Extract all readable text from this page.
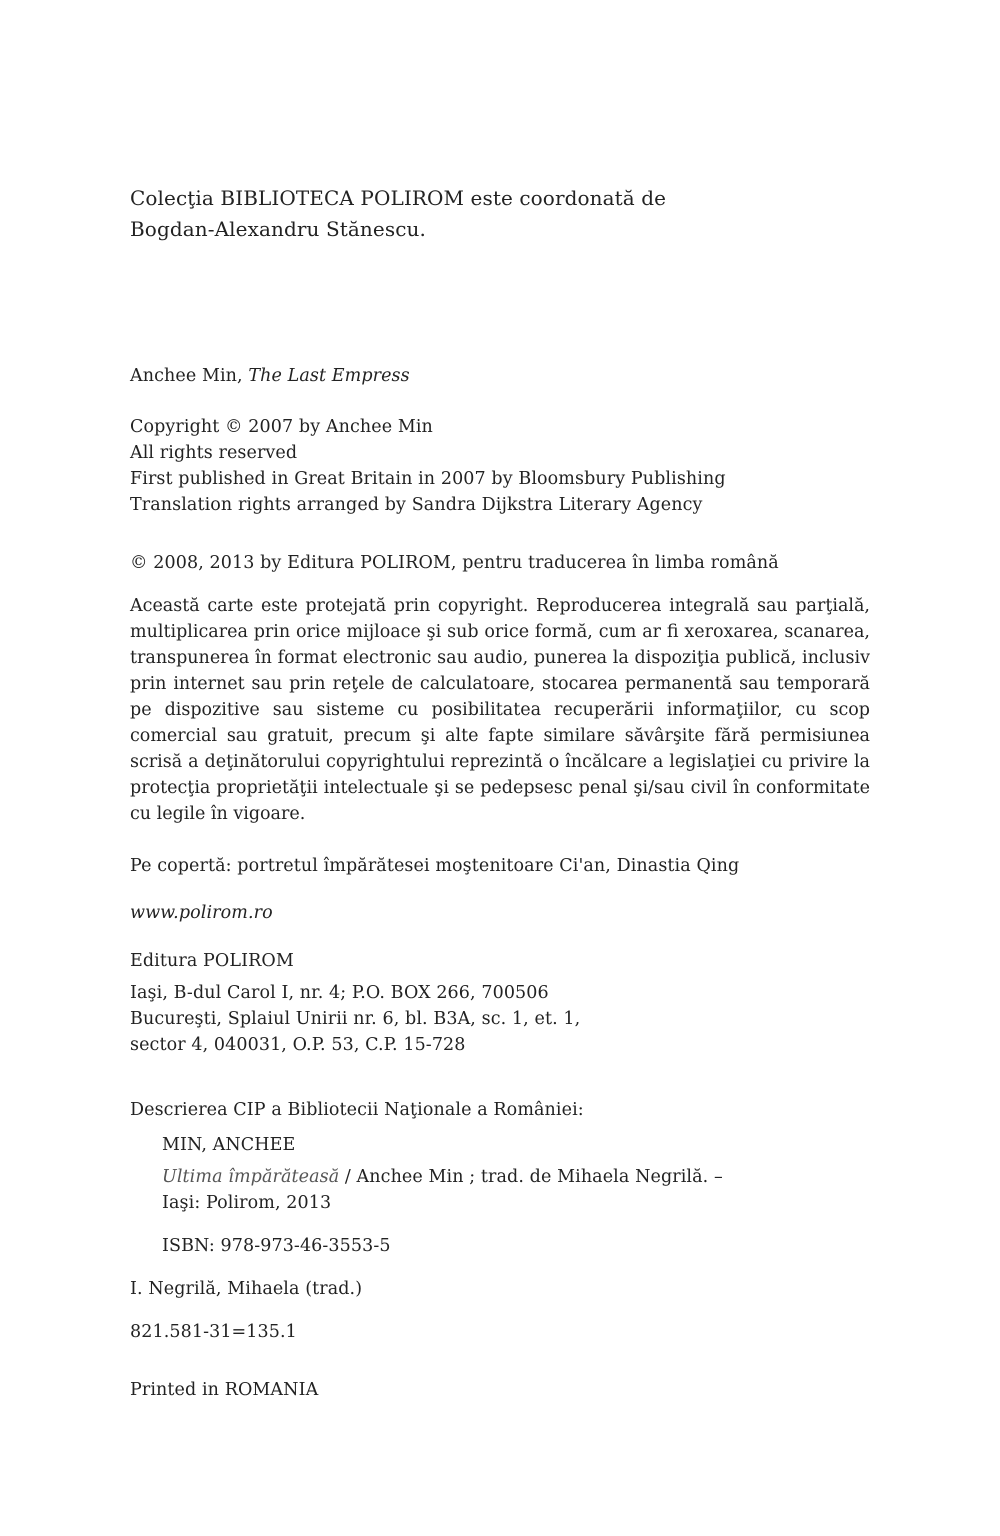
Colecţia BIBLIOTECA POLIROM este coordonată de
Bogdan-Alexandru Stănescu.
Anchee Min, The Last Empress
Copyright © 2007 by Anchee Min
All rights reserved
First published in Great Britain in 2007 by Bloomsbury Publishing
Translation rights arranged by Sandra Dijkstra Literary Agency
© 2008, 2013 by Editura POLIROM, pentru traducerea în limba română

Această carte este protejată prin copyright. Reproducerea integrală sau parţială, multiplicarea prin orice mijloace şi sub orice formă, cum ar fi xeroxarea, scanarea, transpunerea în format electronic sau audio, punerea la dispoziţia publică, inclusiv prin internet sau prin reţele de calculatoare, stocarea permanentă sau temporară pe dispozitive sau sisteme cu posibilitatea recuperării informaţiilor, cu scop comercial sau gratuit, precum şi alte fapte similare săvârşite fără permisiunea scrisă a deţinătorului copyrightului reprezintă o încălcare a legislaţiei cu privire la protecţia proprietăţii intelectuale şi se pedepsesc penal şi/sau civil în conformitate cu legile în vigoare.

Pe copertă: portretul împărătesei moştenitoare Ci'an, Dinastia Qing
www.polirom.ro
Editura POLIROM
Iaşi, B-dul Carol I, nr. 4; P.O. BOX 266, 700506
Bucureşti, Splaiul Unirii nr. 6, bl. B3A, sc. 1, et. 1,
sector 4, 040031, O.P. 53, C.P. 15-728
Descrierea CIP a Bibliotecii Naţionale a României:
MIN, ANCHEE
Ultima împărăteasă / Anchee Min ; trad. de Mihaela Negrilă. –
Iaşi: Polirom, 2013
ISBN: 978-973-46-3553-5
I. Negrilă, Mihaela (trad.)
821.581-31=135.1
Printed in ROMANIA
